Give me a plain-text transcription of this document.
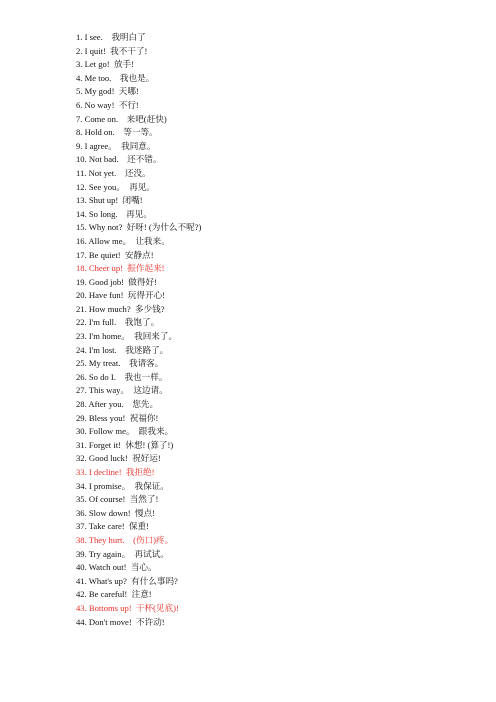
1. I see.    我明白了
2. I quit!  我不干了!
3. Let go!  放手!
4. Me too.    我也是。
5. My god!  天哪!
6. No way!  不行!
7. Come on.    来吧(赶快)
8. Hold on.    等一等。
9. I agree。  我同意。
10. Not bad.    还不错。
11. Not yet.    还没。
12. See you。  再见。
13. Shut up!  闭嘴!
14. So long.    再见。
15. Why not?  好呀! (为什么不呢?)
16. Allow me。  让我来。
17. Be quiet!  安静点!
18. Cheer up!  振作起来!
19. Good job!  做得好!
20. Have fun!  玩得开心!
21. How much?  多少钱?
22. I'm full.    我饱了。
23. I'm home。  我回来了。
24. I'm lost.    我迷路了。
25. My treat.    我请客。
26. So do I.    我也一样。
27. This way。  这边请。
28. After you.    您先。
29. Bless you!  祝福你!
30. Follow me。  跟我来。
31. Forget it!  休想! (算了!)
32. Good luck!  祝好运!
33. I decline!  我拒绝!
34. I promise。  我保证。
35. Of course!  当然了!
36. Slow down!  慢点!
37. Take care!  保重!
38. They hurt.    (伤口)疼。
39. Try again。  再试试。
40. Watch out!  当心。
41. What's up?  有什么事吗?
42. Be careful!  注意!
43. Bottoms up!  干杯(见底)!
44. Don't move!  不许动!
